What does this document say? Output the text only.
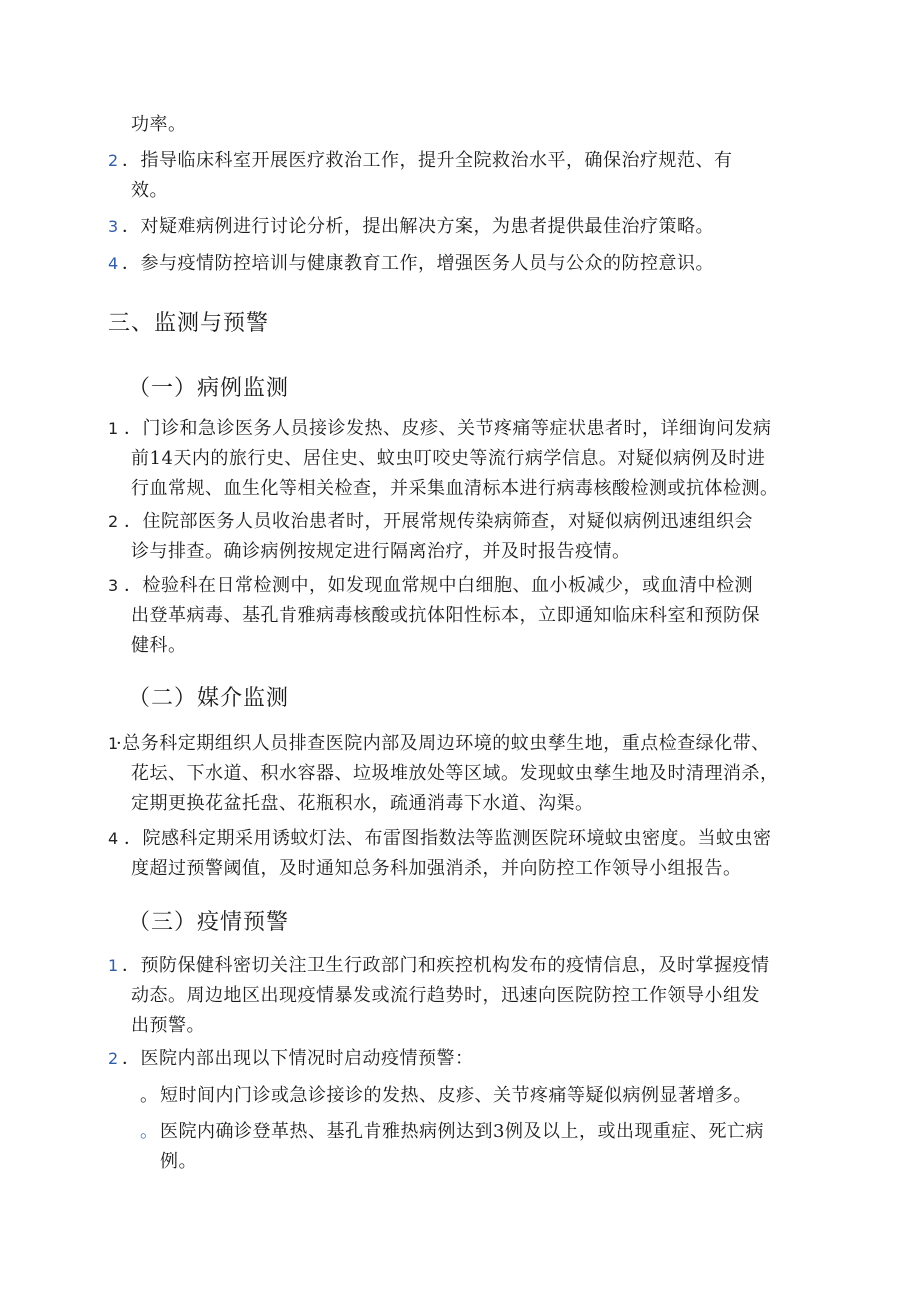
功率。
2 ．指导临床科室开展医疗救治工作，提升全院救治水平，确保治疗规范、有
效。
3 ．对疑难病例进行讨论分析，提出解决方案，为患者提供最佳治疗策略。
4 ．参与疫情防控培训与健康教育工作，增强医务人员与公众的防控意识。
三、监测与预警
（一）病例监测
1 ．门诊和急诊医务人员接诊发热、皮疹、关节疼痛等症状患者时，详细询问发病
前14天内的旅行史、居住史、蚊虫叮咬史等流行病学信息。对疑似病例及时进
行血常规、血生化等相关检查，并采集血清标本进行病毒核酸检测或抗体检测。
2 ．住院部医务人员收治患者时，开展常规传染病筛查，对疑似病例迅速组织会
诊与排查。确诊病例按规定进行隔离治疗，并及时报告疫情。
3 ．检验科在日常检测中，如发现血常规中白细胞、血小板减少，或血清中检测
出登革病毒、基孔肯雅病毒核酸或抗体阳性标本，立即通知临床科室和预防保
健科。
（二）媒介监测
1
·总务科定期组织人员排查医院内部及周边环境的蚊虫孳生地，重点检查绿化带、
花坛、下水道、积水容器、垃圾堆放处等区域。发现蚊虫孳生地及时清理消杀，
定期更换花盆托盘、花瓶积水，疏通消毒下水道、沟渠。
4 ．院感科定期采用诱蚊灯法、布雷图指数法等监测医院环境蚊虫密度。当蚊虫密
度超过预警阈值，及时通知总务科加强消杀，并向防控工作领导小组报告。
（三）疫情预警
1 ．预防保健科密切关注卫生行政部门和疾控机构发布的疫情信息，及时掌握疫情
动态。周边地区出现疫情暴发或流行趋势时，迅速向医院防控工作领导小组发
出预警。
2 ．医院内部出现以下情况时启动疫情预警：
。 短时间内门诊或急诊接诊的发热、皮疹、关节疼痛等疑似病例显著增多。
。 医院内确诊登革热、基孔肯雅热病例达到3例及以上，或出现重症、死亡病
例。
